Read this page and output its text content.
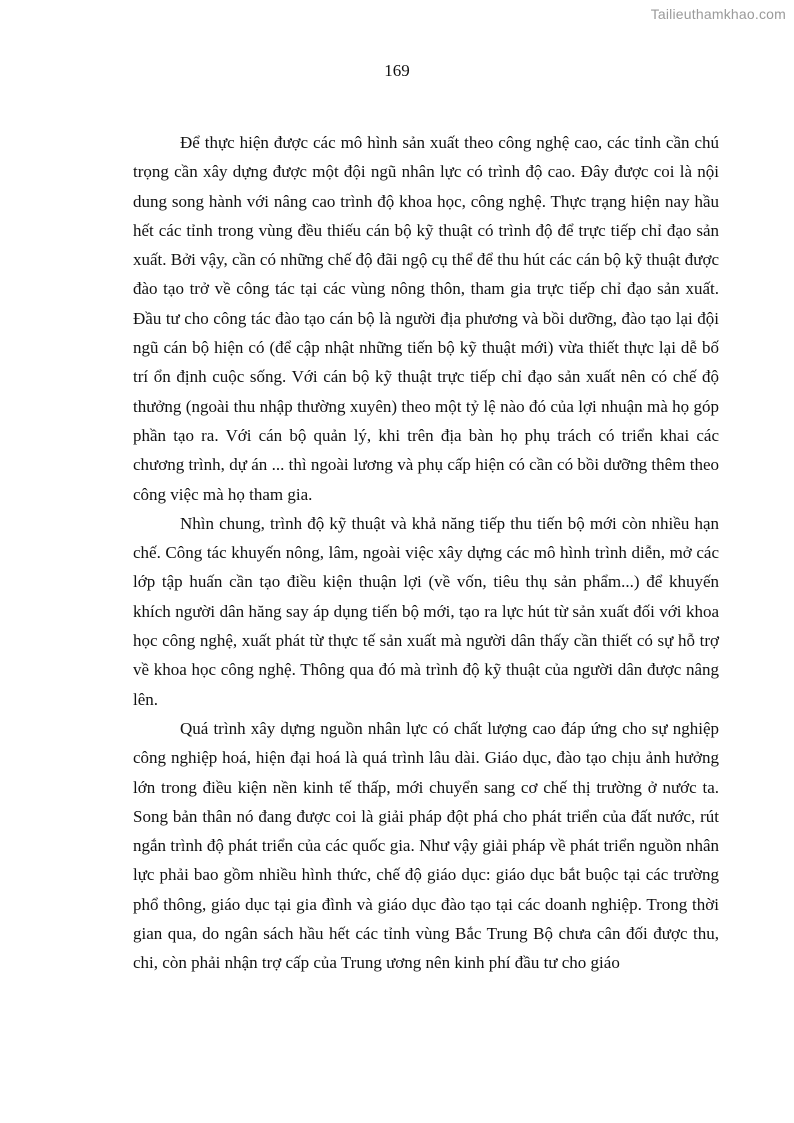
Tailieuthamkhao.com
169

Để thực hiện được các mô hình sản xuất theo công nghệ cao, các tỉnh cần chú trọng cần xây dựng được một đội ngũ nhân lực có trình độ cao. Đây được coi là nội dung song hành với nâng cao trình độ khoa học, công nghệ. Thực trạng hiện nay hầu hết các tỉnh trong vùng đều thiếu cán bộ kỹ thuật có trình độ để trực tiếp chỉ đạo sản xuất. Bởi vậy, cần có những chế độ đãi ngộ cụ thể để thu hút các cán bộ kỹ thuật được đào tạo trở về công tác tại các vùng nông thôn, tham gia trực tiếp chỉ đạo sản xuất. Đầu tư cho công tác đào tạo cán bộ là người địa phương và bồi dưỡng, đào tạo lại đội ngũ cán bộ hiện có (để cập nhật những tiến bộ kỹ thuật mới) vừa thiết thực lại dễ bố trí ổn định cuộc sống. Với cán bộ kỹ thuật trực tiếp chỉ đạo sản xuất nên có chế độ thưởng (ngoài thu nhập thường xuyên) theo một tỷ lệ nào đó của lợi nhuận mà họ góp phần tạo ra. Với cán bộ quản lý, khi trên địa bàn họ phụ trách có triển khai các chương trình, dự án ... thì ngoài lương và phụ cấp hiện có cần có bồi dưỡng thêm theo công việc mà họ tham gia.

Nhìn chung, trình độ kỹ thuật và khả năng tiếp thu tiến bộ mới còn nhiều hạn chế. Công tác khuyến nông, lâm, ngoài việc xây dựng các mô hình trình diễn, mở các lớp tập huấn cần tạo điều kiện thuận lợi (về vốn, tiêu thụ sản phẩm...) để khuyến khích người dân hăng say áp dụng tiến bộ mới, tạo ra lực hút từ sản xuất đối với khoa học công nghệ, xuất phát từ thực tế sản xuất mà người dân thấy cần thiết có sự hỗ trợ về khoa học công nghệ. Thông qua đó mà trình độ kỹ thuật của người dân được nâng lên.

Quá trình xây dựng nguồn nhân lực có chất lượng cao đáp ứng cho sự nghiệp công nghiệp hoá, hiện đại hoá là quá trình lâu dài. Giáo dục, đào tạo chịu ảnh hưởng lớn trong điều kiện nền kinh tế thấp, mới chuyển sang cơ chế thị trường ở nước ta. Song bản thân nó đang được coi là giải pháp đột phá cho phát triển của đất nước, rút ngắn trình độ phát triển của các quốc gia. Như vậy giải pháp về phát triển nguồn nhân lực phải bao gồm nhiều hình thức, chế độ giáo dục: giáo dục bắt buộc tại các trường phổ thông, giáo dục tại gia đình và giáo dục đào tạo tại các doanh nghiệp. Trong thời gian qua, do ngân sách hầu hết các tỉnh vùng Bắc Trung Bộ chưa cân đối được thu, chi, còn phải nhận trợ cấp của Trung ương nên kinh phí đầu tư cho giáo
